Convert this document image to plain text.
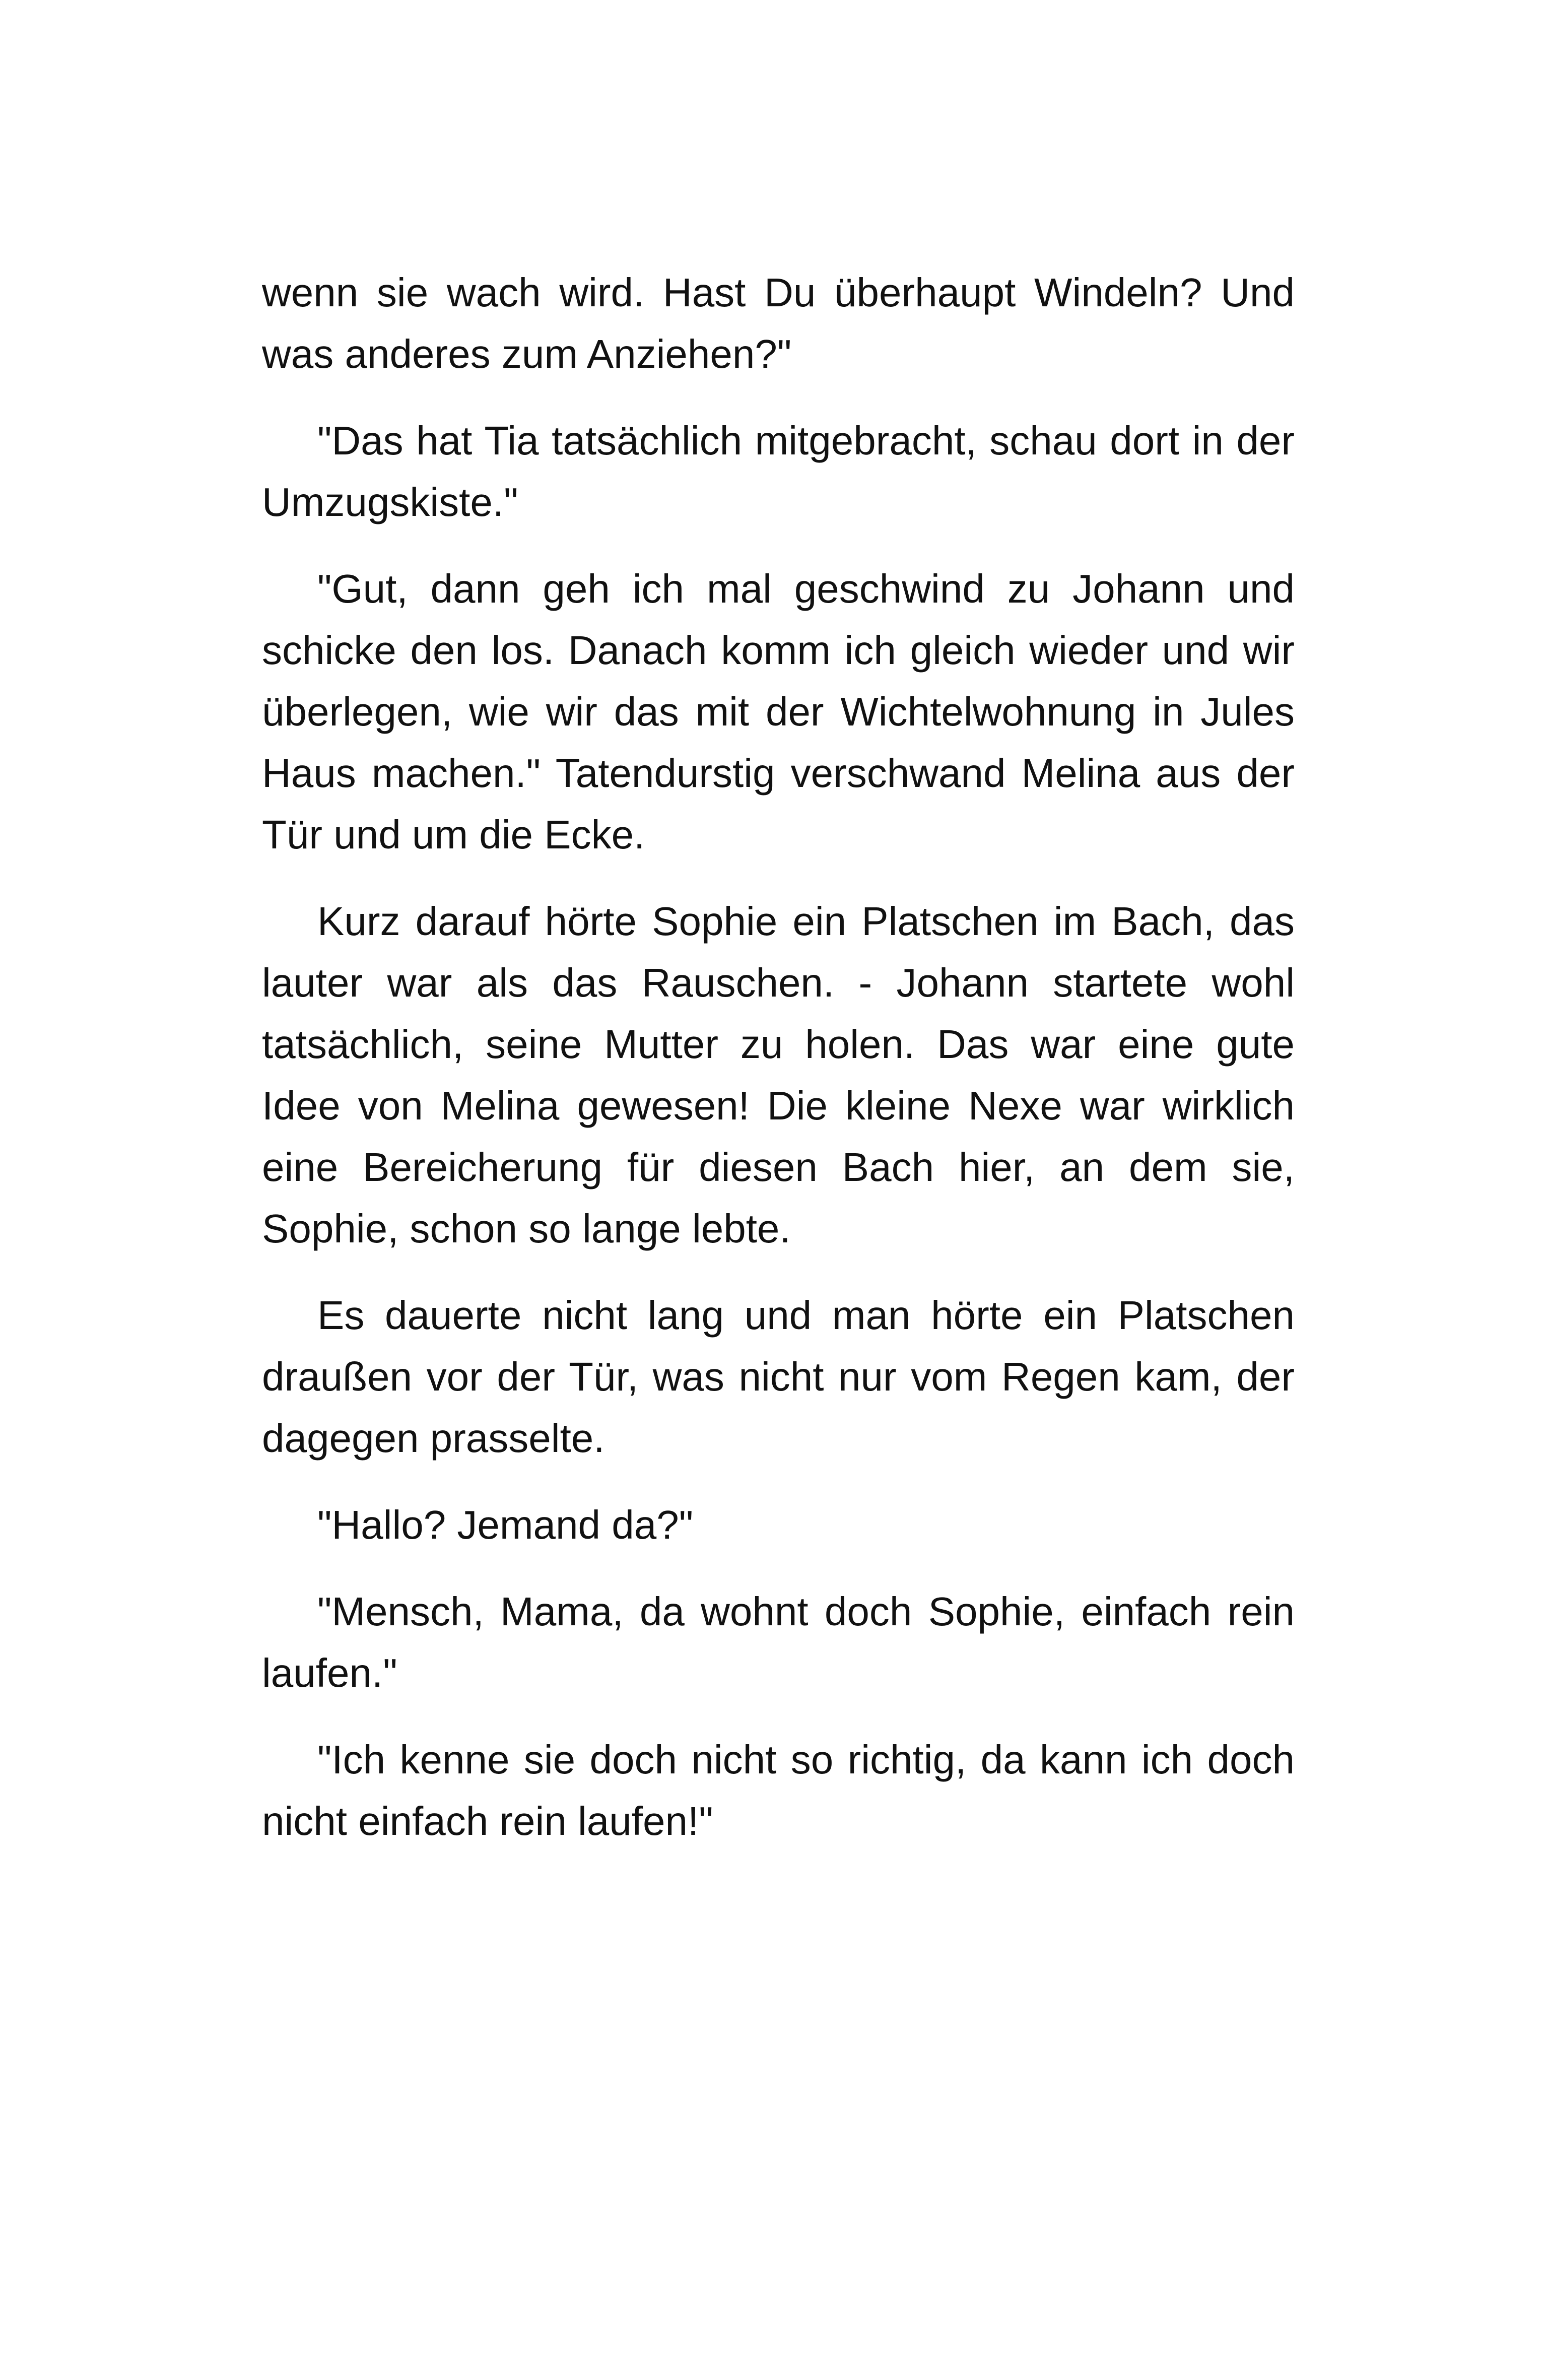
wenn sie wach wird. Hast Du überhaupt Windeln? Und was anderes zum Anziehen?"

"Das hat Tia tatsächlich mitgebracht, schau dort in der Umzugskiste."

"Gut, dann geh ich mal geschwind zu Johann und schicke den los. Danach komm ich gleich wieder und wir überlegen, wie wir das mit der Wichtelwohnung in Jules Haus machen." Tatendurstig verschwand Melina aus der Tür und um die Ecke.

Kurz darauf hörte Sophie ein Platschen im Bach, das lauter war als das Rauschen. - Johann startete wohl tatsächlich, seine Mutter zu holen. Das war eine gute Idee von Melina gewesen! Die kleine Nexe war wirklich eine Bereicherung für diesen Bach hier, an dem sie, Sophie, schon so lange lebte.

Es dauerte nicht lang und man hörte ein Platschen draußen vor der Tür, was nicht nur vom Regen kam, der dagegen prasselte.

"Hallo? Jemand da?"

"Mensch, Mama, da wohnt doch Sophie, einfach rein laufen."

"Ich kenne sie doch nicht so richtig, da kann ich doch nicht einfach rein laufen!"
